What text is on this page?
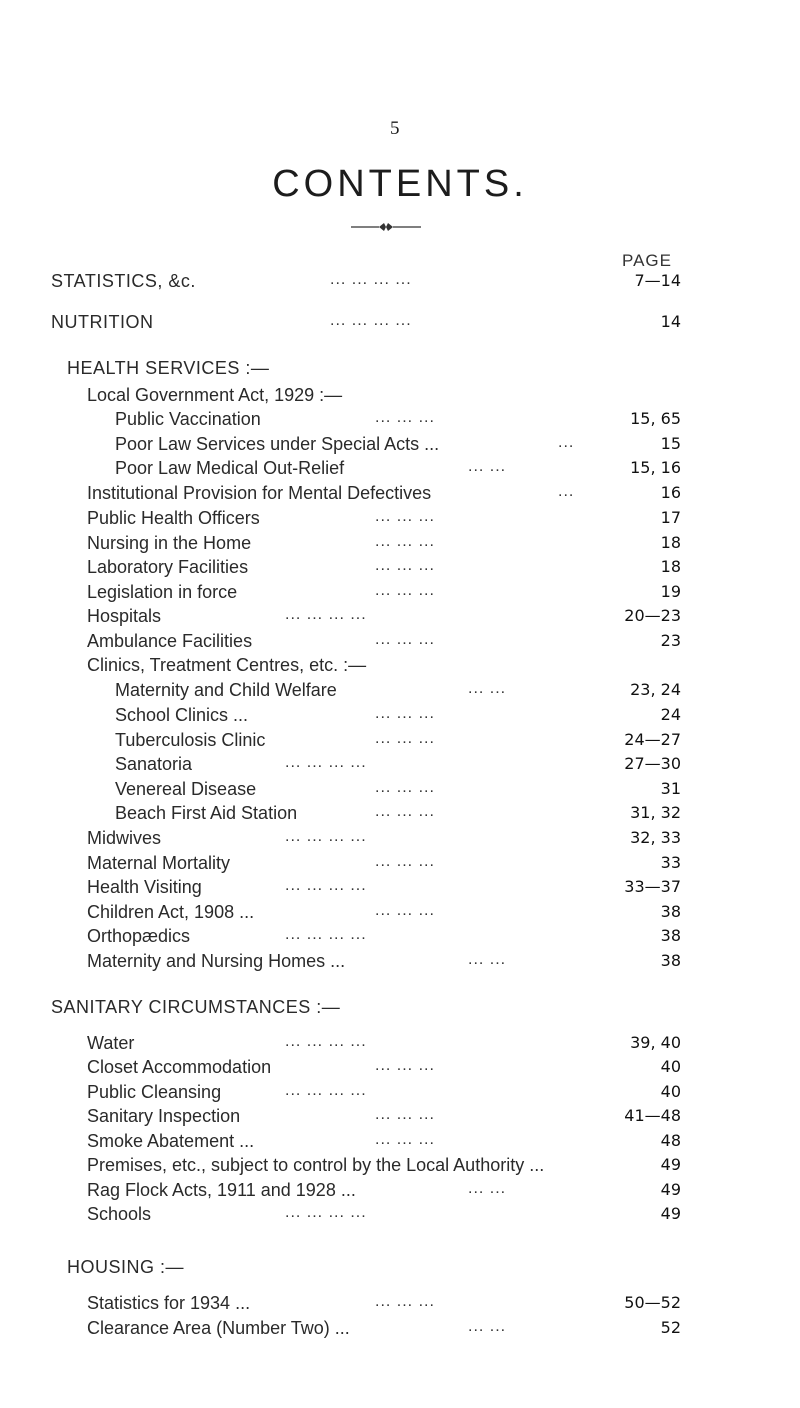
5
CONTENTS.
PAGE
STATISTICS, &c.	... ... ... ...	7—14
NUTRITION	... ... ... ...	14
HEALTH SERVICES :—
Local Government Act, 1929 :—
Public Vaccination	... ... ...	15, 65
Poor Law Services under Special Acts ...	...	15
Poor Law Medical Out-Relief	... ...	15, 16
Institutional Provision for Mental Defectives	...	16
Public Health Officers	... ... ...	17
Nursing in the Home	... ... ...	18
Laboratory Facilities	... ... ...	18
Legislation in force	... ... ...	19
Hospitals	... ... ... ...	20—23
Ambulance Facilities	... ... ...	23
Clinics, Treatment Centres, etc. :—
Maternity and Child Welfare	... ...	23, 24
School Clinics ...	... ... ...	24
Tuberculosis Clinic	... ... ...	24—27
Sanatoria	... ... ... ...	27—30
Venereal Disease	... ... ...	31
Beach First Aid Station	... ... ...	31, 32
Midwives	... ... ... ...	32, 33
Maternal Mortality	... ... ...	33
Health Visiting	... ... ... ...	33—37
Children Act, 1908 ...	... ... ...	38
Orthopædics	... ... ... ...	38
Maternity and Nursing Homes ...	... ...	38
SANITARY CIRCUMSTANCES :—
Water	... ... ... ...	39, 40
Closet Accommodation	... ... ...	40
Public Cleansing	... ... ... ...	40
Sanitary Inspection	... ... ...	41—48
Smoke Abatement ...	... ... ...	48
Premises, etc., subject to control by the Local Authority ...	49
Rag Flock Acts, 1911 and 1928 ...	... ...	49
Schools	... ... ... ...	49
HOUSING :—
Statistics for 1934 ...	... ... ...	50—52
Clearance Area (Number Two) ...	... ...	52
